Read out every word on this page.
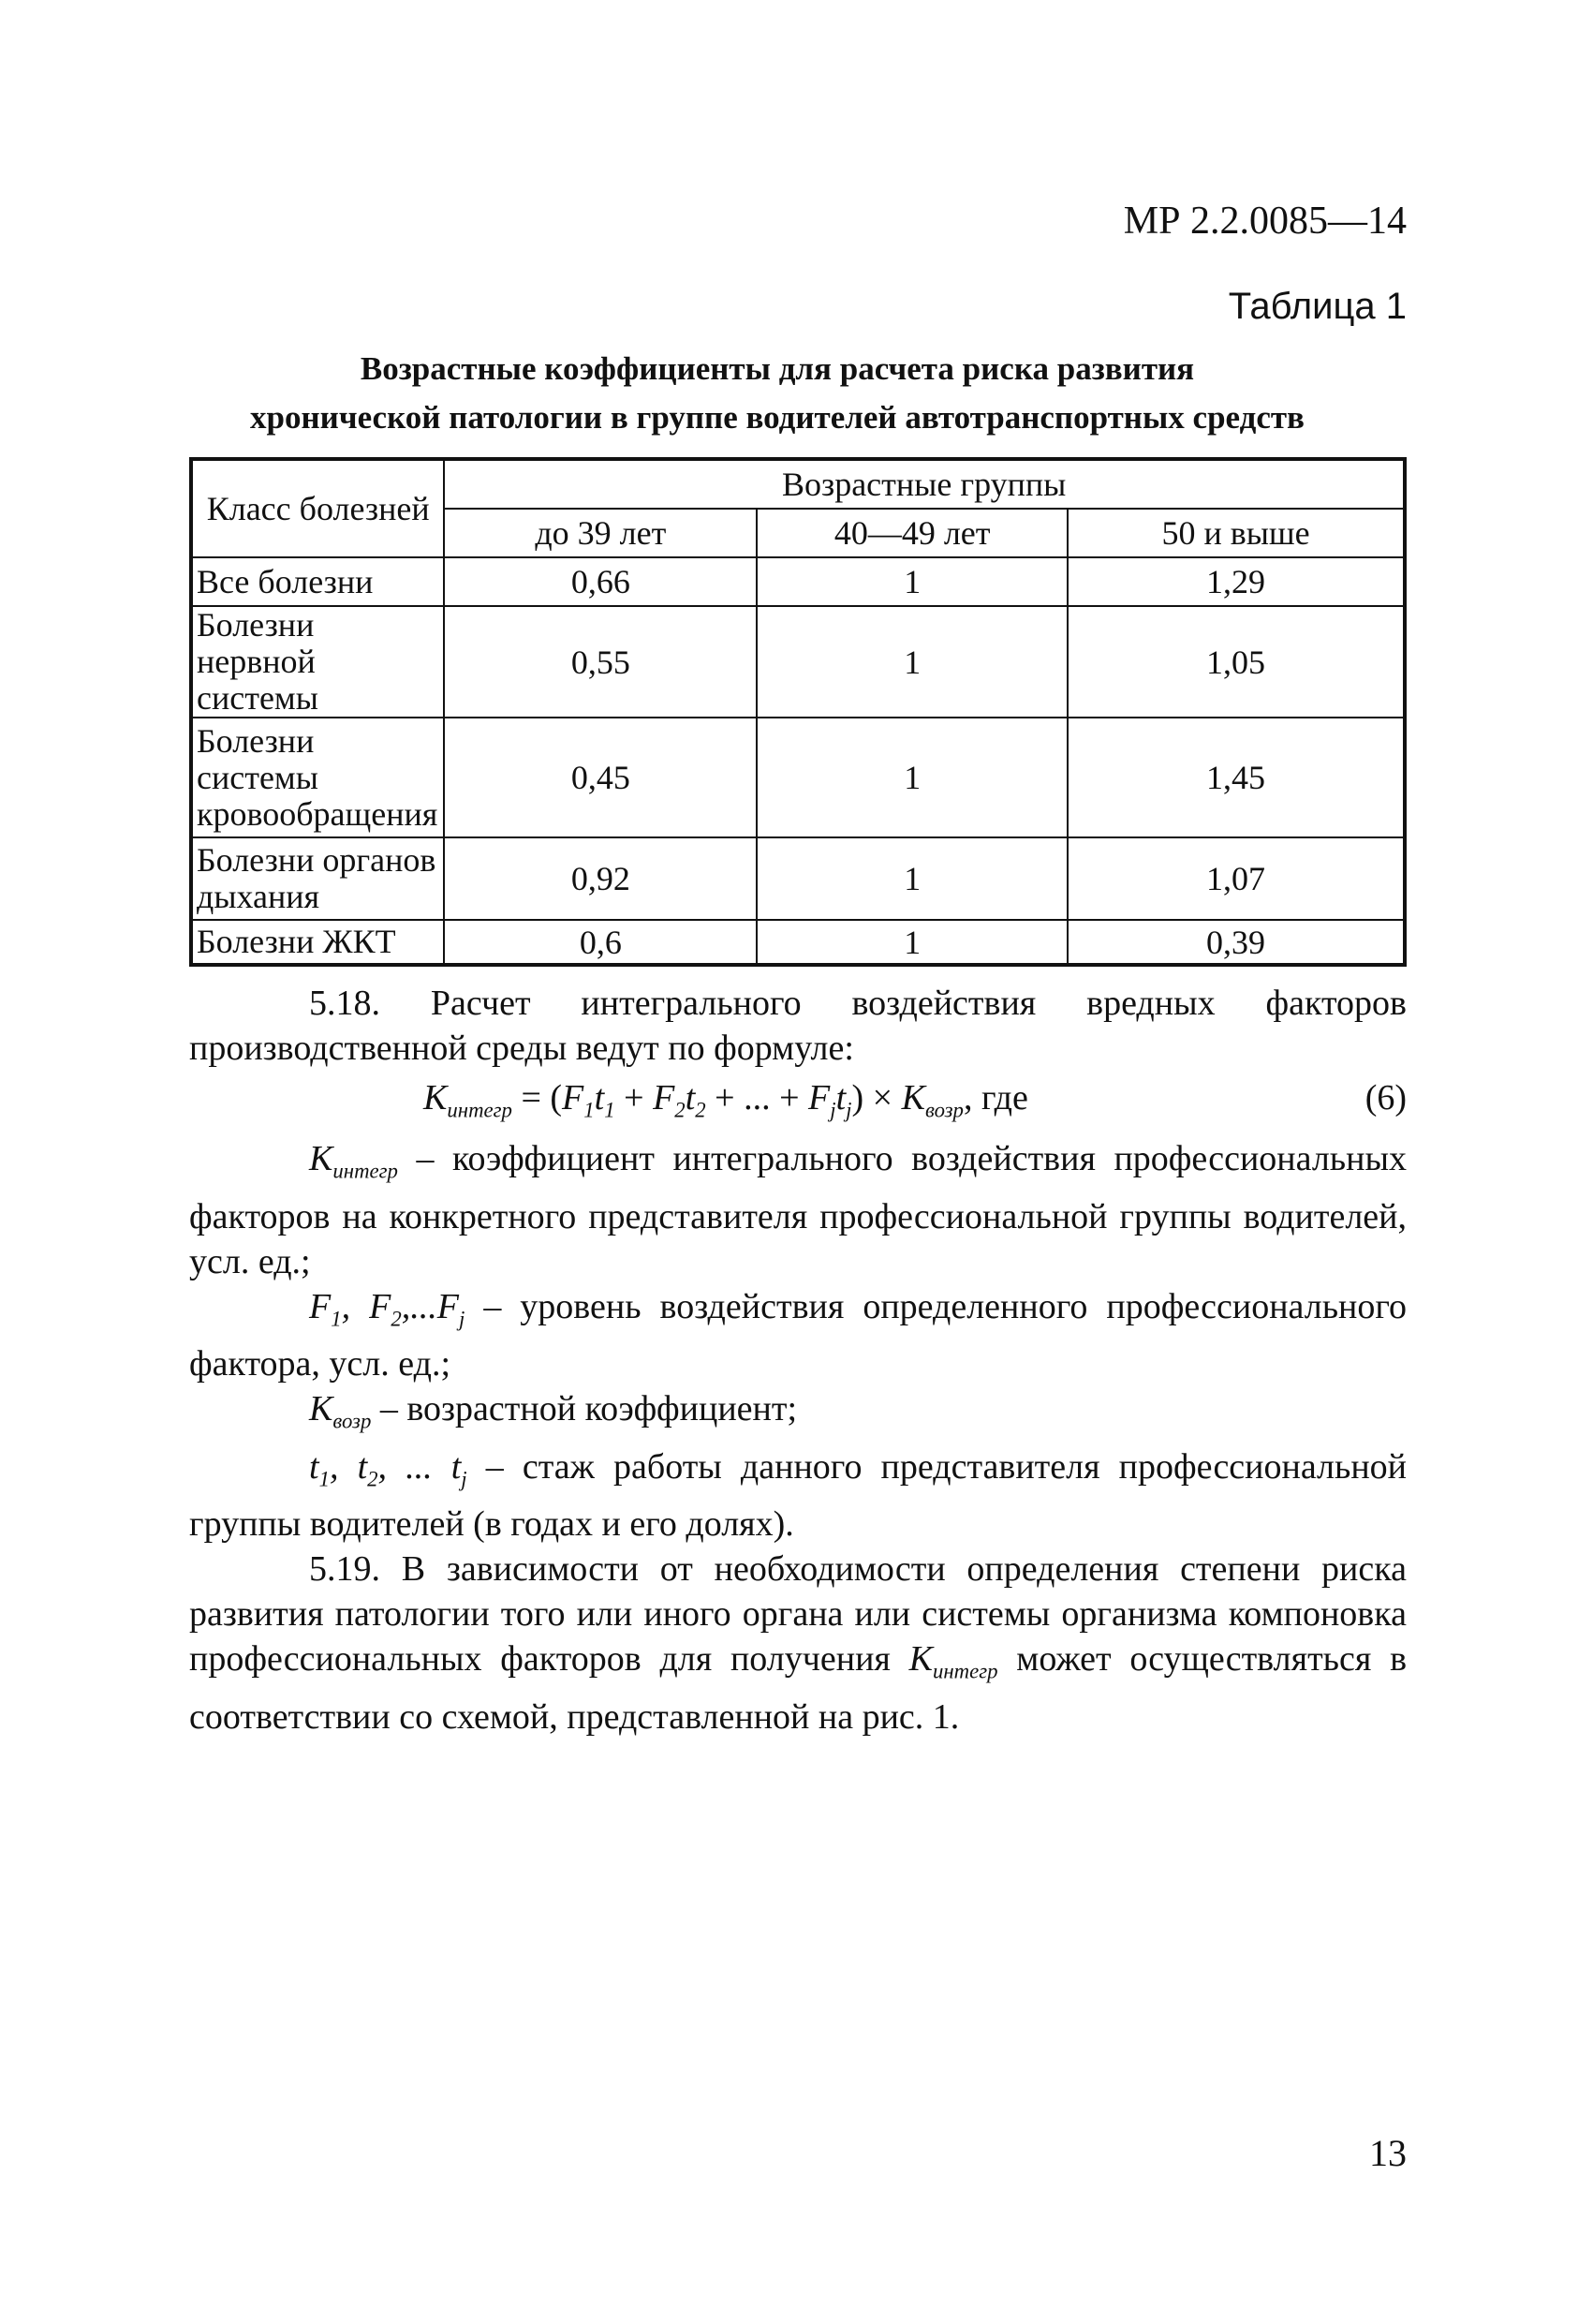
МР 2.2.0085—14
Таблица 1
Возрастные коэффициенты для расчета риска развития
хронической патологии в группе водителей автотранспортных средств
Класс болезней	Возрастные группы		
	до 39 лет	40—49 лет	50 и выше
Все болезни	0,66	1	1,29
Болезни нервной системы	0,55	1	1,05
Болезни системы кровообращения	0,45	1	1,45
Болезни органов дыхания	0,92	1	1,07
Болезни ЖКТ	0,6	1	0,39

5.18. Расчет интегрального воздействия вредных факторов производственной среды ведут по формуле:

$K_{интегр} = (F_1t_1 + F_2t_2$ + ... + $F_jt_j) \times K_{возр}$, где	(6)

$K_{интегр}$ – коэффициент интегрального воздействия профессиональных факторов на конкретного представителя профессиональной группы водителей, усл. ед.;

$F_1$, $F_2,...F_j$ – уровень воздействия определенного профессионального фактора, усл. ед.;

$K_{возр}$ – возрастной коэффициент;

$t_1$, $t_2$, ... $t_j$ – стаж работы данного представителя профессиональной группы водителей (в годах и его долях).

5.19. В зависимости от необходимости определения степени риска развития патологии того или иного органа или системы организма компоновка профессиональных факторов для получения $K_{интегр}$ может осуществляться в соответствии со схемой, представленной на рис. 1.

13
